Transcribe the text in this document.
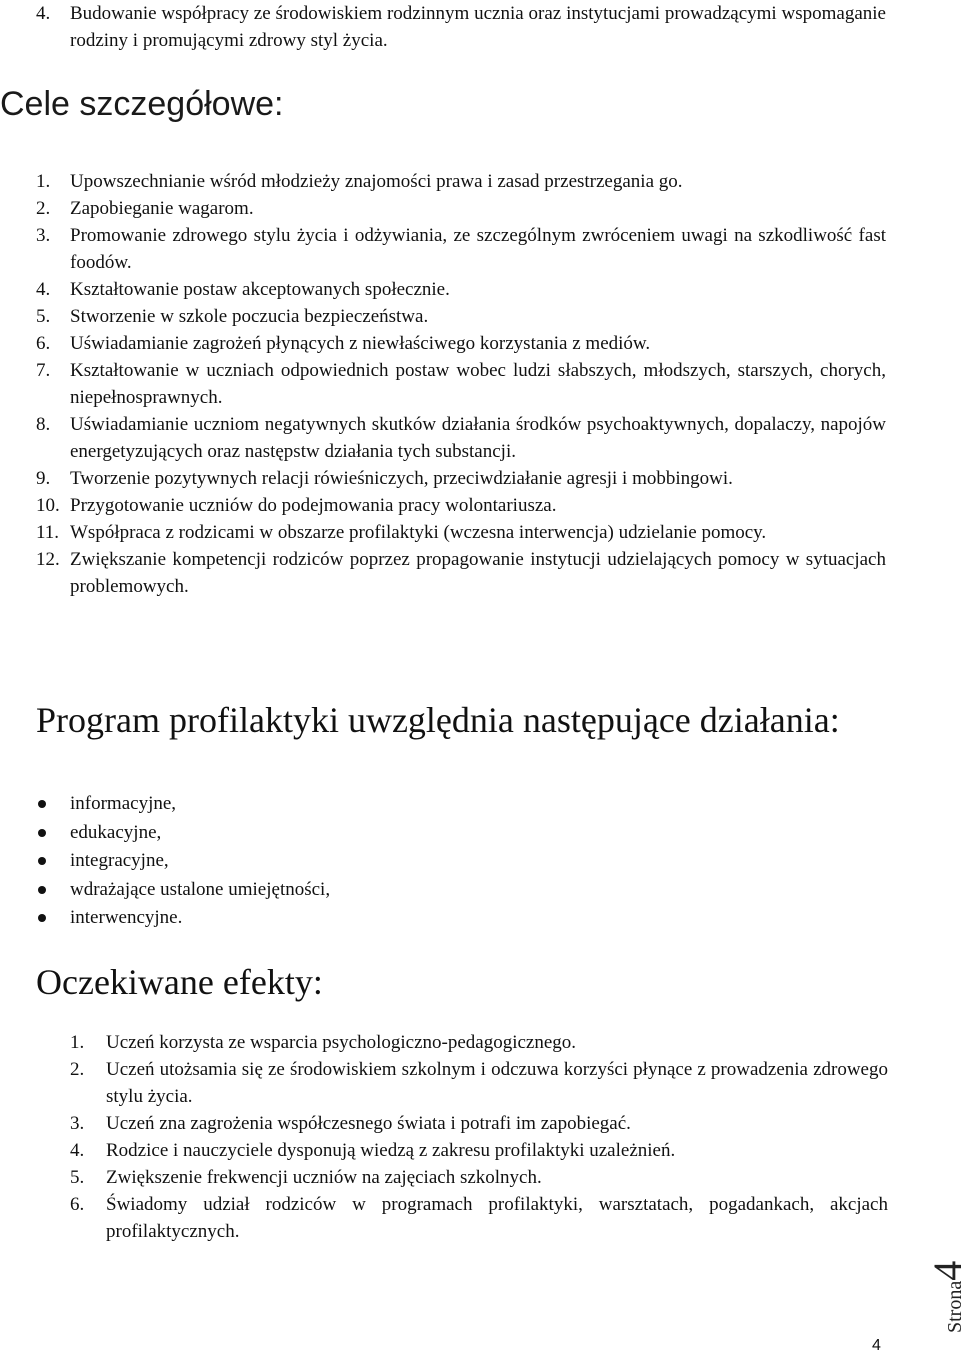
4.	Budowanie współpracy ze środowiskiem rodzinnym ucznia oraz instytucjami prowadzącymi wspomaganie rodziny i promującymi zdrowy styl życia.
Cele szczegółowe:
1.	Upowszechnianie wśród młodzieży znajomości prawa i zasad przestrzegania go.
2.	Zapobieganie wagarom.
3.	Promowanie zdrowego stylu życia i odżywiania, ze szczególnym zwróceniem uwagi na szkodliwość fast foodów.
4.	Kształtowanie postaw akceptowanych społecznie.
5.	Stworzenie w szkole poczucia bezpieczeństwa.
6.	Uświadamianie zagrożeń płynących z niewłaściwego korzystania z mediów.
7.	Kształtowanie w uczniach odpowiednich postaw wobec ludzi słabszych, młodszych, starszych, chorych, niepełnosprawnych.
8.	Uświadamianie uczniom negatywnych skutków działania środków psychoaktywnych, dopalaczy, napojów energetyzujących oraz następstw działania tych substancji.
9.	Tworzenie pozytywnych relacji rówieśniczych, przeciwdziałanie agresji i mobbingowi.
10. Przygotowanie uczniów do podejmowania pracy wolontariusza.
11. Współpraca z rodzicami w obszarze profilaktyki (wczesna interwencja) udzielanie pomocy.
12. Zwiększanie kompetencji rodziców poprzez propagowanie instytucji udzielających pomocy w sytuacjach problemowych.
Program profilaktyki uwzględnia następujące działania:
informacyjne,
edukacyjne,
integracyjne,
wdrażające ustalone umiejętności,
interwencyjne.
Oczekiwane efekty:
1.	Uczeń korzysta ze wsparcia psychologiczno-pedagogicznego.
2.	Uczeń utożsamia się ze środowiskiem szkolnym i odczuwa korzyści płynące z prowadzenia zdrowego stylu życia.
3.	Uczeń zna zagrożenia współczesnego świata i potrafi im zapobiegać.
4.	Rodzice i nauczyciele dysponują wiedzą z zakresu profilaktyki uzależnień.
5.	Zwiększenie frekwencji uczniów na zajęciach szkolnych.
6.	Świadomy udział rodziców w programach profilaktyki, warsztatach, pogadankach, akcjach profilaktycznych.
Strona4
4
